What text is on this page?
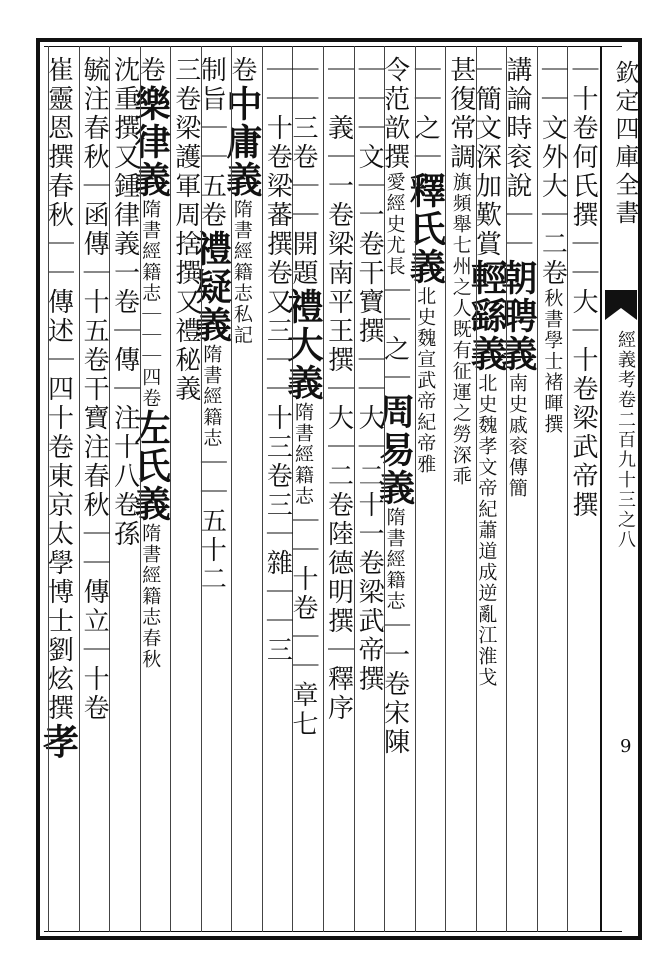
欽定四庫全書
經義考卷二百九十三之八
9
｜十卷何氏撰｜｜大｜十卷梁武帝撰
｜｜文外大｜二卷秋書學士褚暉撰
講論時衮說｜｜朝聘義南史戚衮傳簡
｜簡文深加歎賞輕繇義北史魏孝文帝紀蕭道成逆亂江淮戈
甚復常調旗頻舉七州之人既有征運之勞深乖
｜｜之｜釋氏義北史魏宣武帝紀帝雅
令范歆撰愛經史尤長｜｜之｜周易義隋書經籍志｜一卷宋陳
｜｜｜文｜一卷干寶撰｜｜大｜二十一卷梁武帝撰
｜｜義｜一卷梁南平王撰｜大｜二卷陸德明撰｜釋序
｜｜三卷｜｜開題禮大義隋書經籍志｜｜十卷｜｜章七
｜｜十卷梁蕃撰卷又三｜｜十三卷三｜雜｜｜三
卷中庸義隋書經籍志私記
制旨｜｜五卷禮疑義隋書經籍志｜｜五十二
三卷梁護軍周捨撰又禮秘義
卷樂律義隋書經籍志｜｜｜四卷左氏義隋書經籍志春秋
沈重撰又鍾律義一卷｜傳｜注十八卷孫
毓注春秋｜函傳｜十五卷干寶注春秋｜｜傳立｜十卷
崔靈恩撰春秋｜｜傳述｜四十卷東京太學博士劉炫撰孝
